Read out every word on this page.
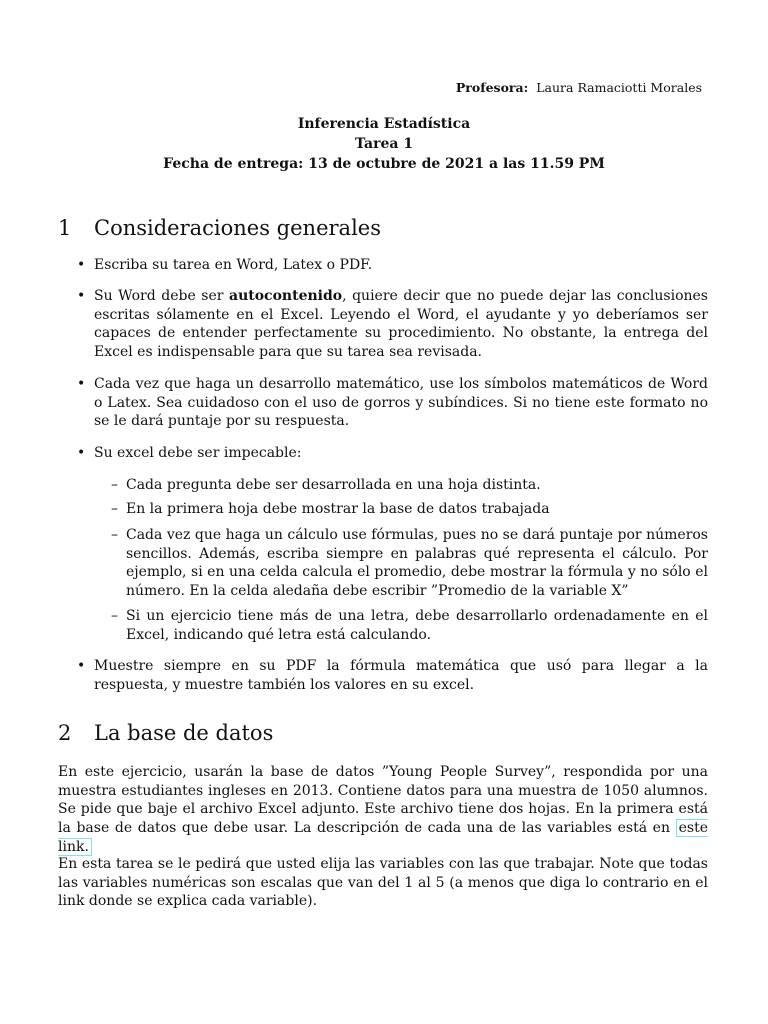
Profesora: Laura Ramaciotti Morales
Inferencia Estadística
Tarea 1
Fecha de entrega: 13 de octubre de 2021 a las 11.59 PM
1 Consideraciones generales
• Escriba su tarea en Word, Latex o PDF.
• Su Word debe ser autocontenido, quiere decir que no puede dejar las conclusiones escritas sólamente en el Excel. Leyendo el Word, el ayudante y yo deberíamos ser capaces de entender perfectamente su procedimiento. No obstante, la entrega del Excel es indispensable para que su tarea sea revisada.
• Cada vez que haga un desarrollo matemático, use los símbolos matemáticos de Word o Latex. Sea cuidadoso con el uso de gorros y subíndices. Si no tiene este formato no se le dará puntaje por su respuesta.
• Su excel debe ser impecable:
– Cada pregunta debe ser desarrollada en una hoja distinta.
– En la primera hoja debe mostrar la base de datos trabajada
– Cada vez que haga un cálculo use fórmulas, pues no se dará puntaje por números sencillos. Además, escriba siempre en palabras qué representa el cálculo. Por ejemplo, si en una celda calcula el promedio, debe mostrar la fórmula y no sólo el número. En la celda aledaña debe escribir ”Promedio de la variable X”
– Si un ejercicio tiene más de una letra, debe desarrollarlo ordenadamente en el Excel, indicando qué letra está calculando.
• Muestre siempre en su PDF la fórmula matemática que usó para llegar a la respuesta, y muestre también los valores en su excel.
2 La base de datos

En este ejercicio, usarán la base de datos ”Young People Survey”, respondida por una muestra estudiantes ingleses en 2013. Contiene datos para una muestra de 1050 alumnos. Se pide que baje el archivo Excel adjunto. Este archivo tiene dos hojas. En la primera está la base de datos que debe usar. La descripción de cada una de las variables está en este link.

En esta tarea se le pedirá que usted elija las variables con las que trabajar. Note que todas las variables numéricas son escalas que van del 1 al 5 (a menos que diga lo contrario en el link donde se explica cada variable).
